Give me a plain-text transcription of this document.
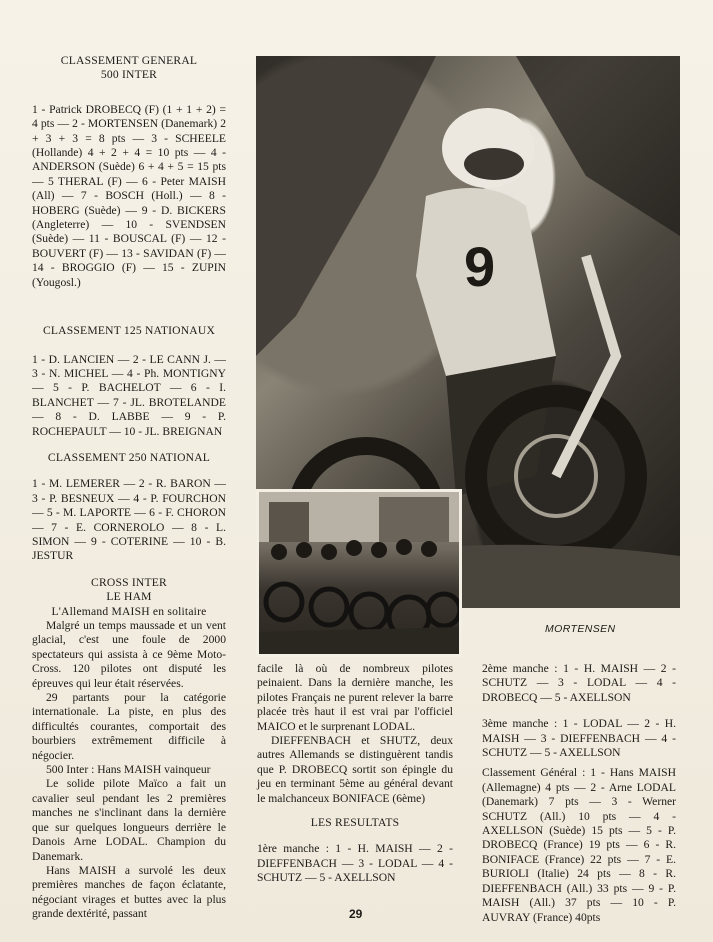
CLASSEMENT GENERAL

500 INTER

1 - Patrick DROBECQ (F) (1 + 1 + 2) = 4 pts — 2 - MORTENSEN (Danemark) 2 + 3 + 3 = 8 pts — 3 - SCHEELE (Hollande) 4 + 2 + 4 = 10 pts — 4 - ANDERSON (Suède) 6 + 4 + 5 = 15 pts — 5 THERAL (F) — 6 - Peter MAISH (All) — 7 - BOSCH (Holl.) — 8 - HOBERG (Suède) — 9 - D. BICKERS (Angleterre) — 10 - SVENDSEN (Suède) — 11 - BOUSCAL (F) — 12 - BOUVERT (F) — 13 - SAVIDAN (F) — 14 - BROGGIO (F) — 15 - ZUPIN (Yougosl.)

CLASSEMENT 125 NATIONAUX

1 - D. LANCIEN — 2 - LE CANN J. — 3 - N. MICHEL — 4 - Ph. MONTIGNY — 5 - P. BACHELOT — 6 - I. BLANCHET — 7 - JL. BROTELANDE — 8 - D. LABBE — 9 - P. ROCHEPAULT — 10 - JL. BREIGNAN

CLASSEMENT 250 NATIONAL

1 - M. LEMERER — 2 - R. BARON — 3 - P. BESNEUX — 4 - P. FOURCHON — 5 - M. LAPORTE — 6 - F. CHORON — 7 - E. CORNEROLO — 8 - L. SIMON — 9 - COTERINE — 10 - B. JESTUR

CROSS INTER

LE HAM

L'Allemand MAISH en solitaire

Malgré un temps maussade et un vent glacial, c'est une foule de 2000 spectateurs qui assista à ce 9ème Moto-Cross. 120 pilotes ont disputé les épreuves qui leur était réservées.

29 partants pour la catégorie internationale. La piste, en plus des difficultés courantes, comportait des bourbiers extrêmement difficile à négocier.

500 Inter : Hans MAISH vainqueur

Le solide pilote Maïco a fait un cavalier seul pendant les 2 premières manches ne s'inclinant dans la dernière que sur quelques longueurs derrière le Danois Arne LODAL. Champion du Danemark.

Hans MAISH a survolé les deux premières manches de façon éclatante, négociant virages et buttes avec la plus grande dextérité, passant

9
MORTENSEN

facile là où de nombreux pilotes peinaient. Dans la dernière manche, les pilotes Français ne purent relever la barre placée très haut il est vrai par l'officiel MAICO et le surprenant LODAL.

DIEFFENBACH et SHUTZ, deux autres Allemands se distinguèrent tandis que P. DROBECQ sortit son épingle du jeu en terminant 5ème au général devant le malchanceux BONIFACE (6ème)

LES RESULTATS

1ère manche : 1 - H. MAISH — 2 - DIEFFENBACH — 3 - LODAL — 4 - SCHUTZ — 5 - AXELLSON

2ème manche : 1 - H. MAISH — 2 - SCHUTZ — 3 - LODAL — 4 - DROBECQ — 5 - AXELLSON

3ème manche : 1 - LODAL — 2 - H. MAISH — 3 - DIEFFENBACH — 4 - SCHUTZ — 5 - AXELLSON

Classement Général : 1 - Hans MAISH (Allemagne) 4 pts — 2 - Arne LODAL (Danemark) 7 pts — 3 - Werner SCHUTZ (All.) 10 pts — 4 - AXELLSON (Suède) 15 pts — 5 - P. DROBECQ (France) 19 pts — 6 - R. BONIFACE (France) 22 pts — 7 - E. BURIOLI (Italie) 24 pts — 8 - R. DIEFFENBACH (All.) 33 pts — 9 - P. MAISH (All.) 37 pts — 10 - P. AUVRAY (France) 40pts

29
